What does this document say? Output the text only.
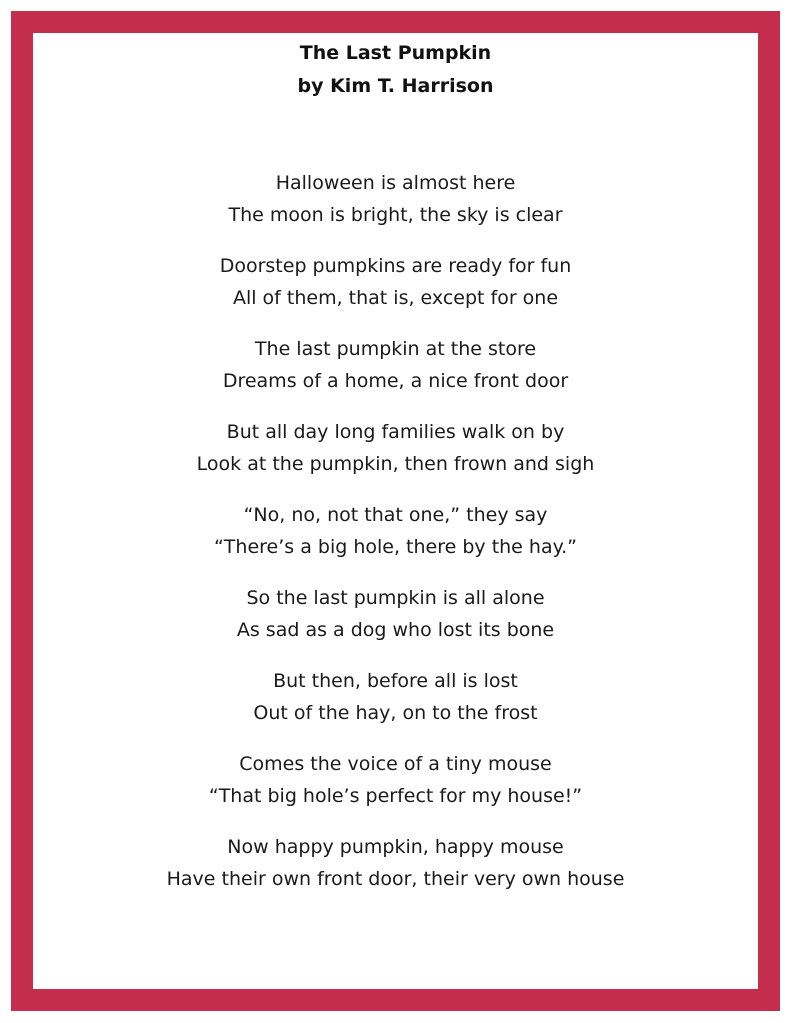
The Last Pumpkin
by Kim T. Harrison
Halloween is almost here
The moon is bright, the sky is clear
Doorstep pumpkins are ready for fun
All of them, that is, except for one
The last pumpkin at the store
Dreams of a home, a nice front door
But all day long families walk on by
Look at the pumpkin, then frown and sigh
“No, no, not that one,” they say
“There’s a big hole, there by the hay.”
So the last pumpkin is all alone
As sad as a dog who lost its bone
But then, before all is lost
Out of the hay, on to the frost
Comes the voice of a tiny mouse
“That big hole’s perfect for my house!”
Now happy pumpkin, happy mouse
Have their own front door, their very own house
